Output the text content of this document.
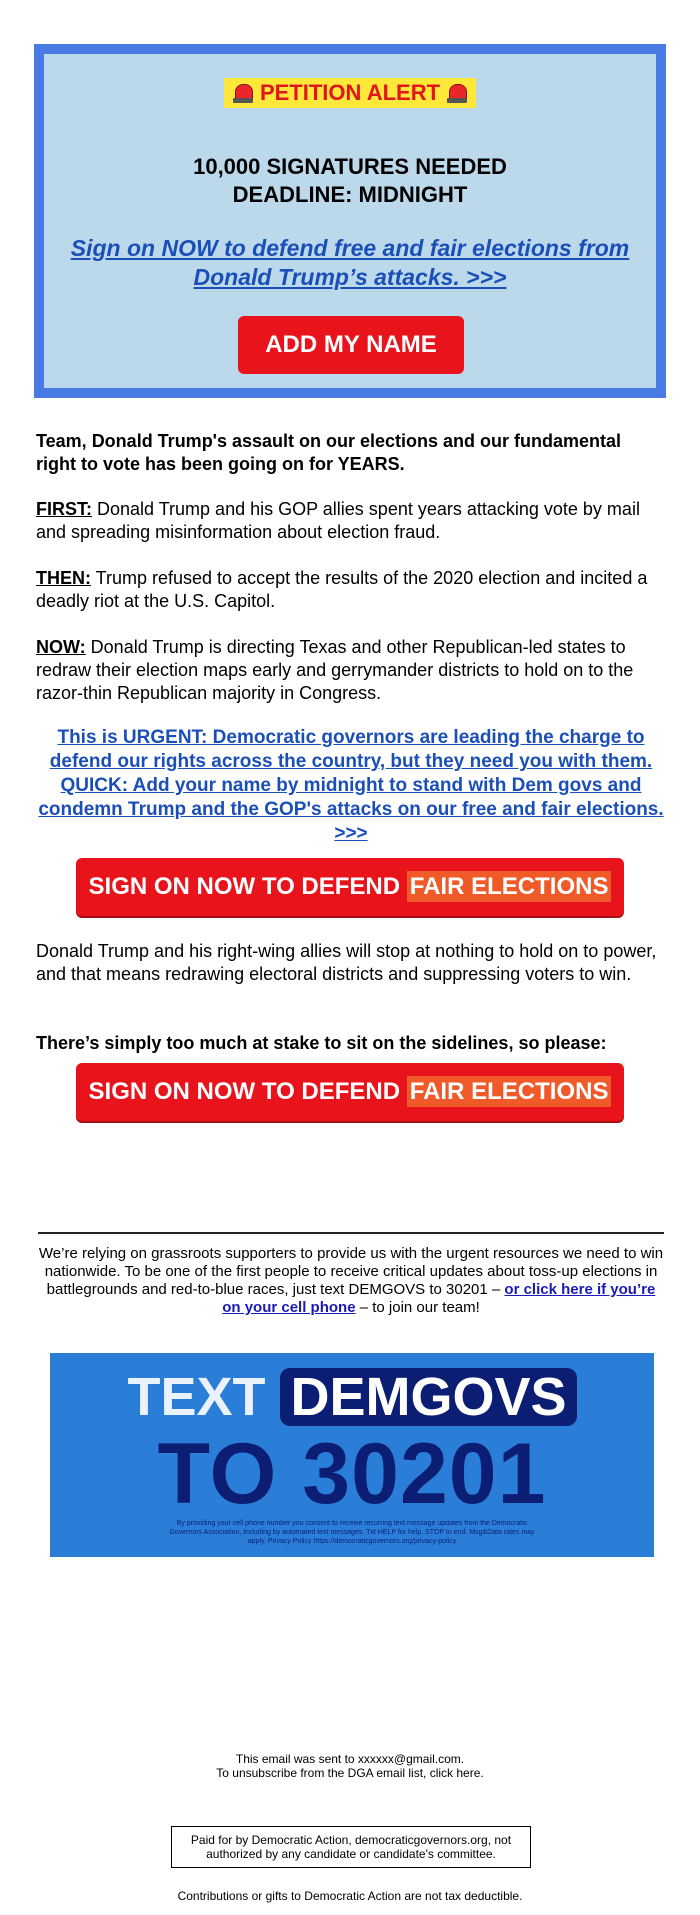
PETITION ALERT
10,000 SIGNATURES NEEDED
DEADLINE: MIDNIGHT
Sign on NOW to defend free and fair elections from Donald Trump’s attacks. >>>
ADD MY NAME
Team, Donald Trump's assault on our elections and our fundamental right to vote has been going on for YEARS.
FIRST: Donald Trump and his GOP allies spent years attacking vote by mail and spreading misinformation about election fraud.
THEN: Trump refused to accept the results of the 2020 election and incited a deadly riot at the U.S. Capitol.
NOW: Donald Trump is directing Texas and other Republican-led states to redraw their election maps early and gerrymander districts to hold on to the razor-thin Republican majority in Congress.
This is URGENT: Democratic governors are leading the charge to defend our rights across the country, but they need you with them. QUICK: Add your name by midnight to stand with Dem govs and condemn Trump and the GOP's attacks on our free and fair elections. >>>
SIGN ON NOW TO DEFEND FAIR ELECTIONS
Donald Trump and his right-wing allies will stop at nothing to hold on to power, and that means redrawing electoral districts and suppressing voters to win.
There’s simply too much at stake to sit on the sidelines, so please:
SIGN ON NOW TO DEFEND FAIR ELECTIONS
We’re relying on grassroots supporters to provide us with the urgent resources we need to win nationwide. To be one of the first people to receive critical updates about toss-up elections in battlegrounds and red-to-blue races, just text DEMGOVS to 30201 – or click here if you’re on your cell phone – to join our team!
TEXT DEMGOVS
TO 30201
By providing your cell phone number you consent to receive recurring text message updates from the Democratic Governors Association, including by automated text messages. Txt HELP for help, STOP to end. Msg&Data rates may apply. Privacy Policy https://democraticgovernors.org/privacy-policy
This email was sent to xxxxxx@gmail.com.
To unsubscribe from the DGA email list, click here.
Paid for by Democratic Action, democraticgovernors.org, not
authorized by any candidate or candidate's committee.
Contributions or gifts to Democratic Action are not tax deductible.
